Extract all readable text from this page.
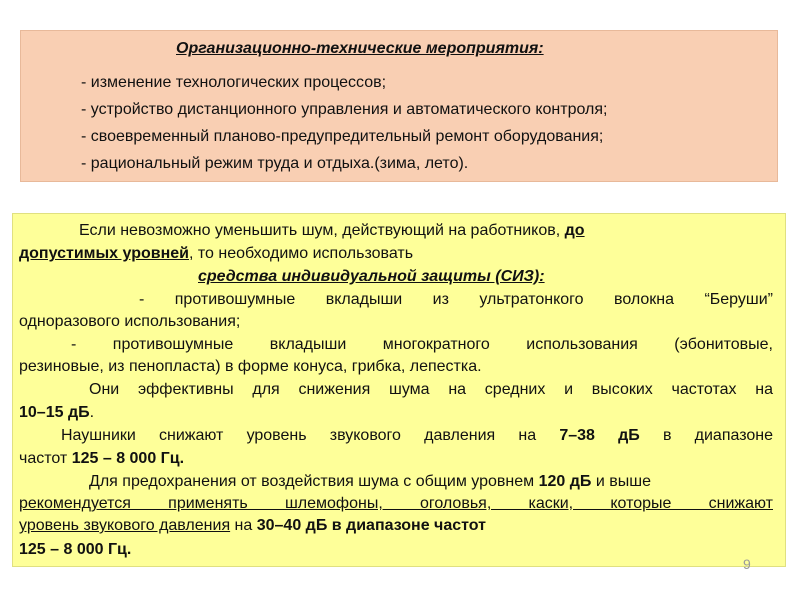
Организационно-технические мероприятия:
- изменение технологических процессов;
- устройство дистанционного управления и автоматического контроля;
- своевременный планово-предупредительный ремонт оборудования;
- рациональный режим труда и отдыха.(зима, лето).
Если невозможно уменьшить шум, действующий на работников, до
допустимых уровней, то необходимо использовать
средства индивидуальной защиты (СИЗ):
- противошумные вкладыши из ультратонкого волокна “Беруши”
одноразового использования;
- противошумные вкладыши многократного использования (эбонитовые,
резиновые, из пенопласта) в форме конуса, грибка, лепестка.
Они эффективны для снижения шума на средних и высоких частотах на
10–15 дБ.
Наушники снижают уровень звукового давления на 7–38 дБ в диапазоне
частот 125 – 8 000 Гц.
Для предохранения от воздействия шума с общим уровнем 120 дБ и выше
рекомендуется применять шлемофоны, оголовья, каски, которые снижают
уровень звукового давления на 30–40 дБ в диапазоне частот
125 – 8 000 Гц.
9
